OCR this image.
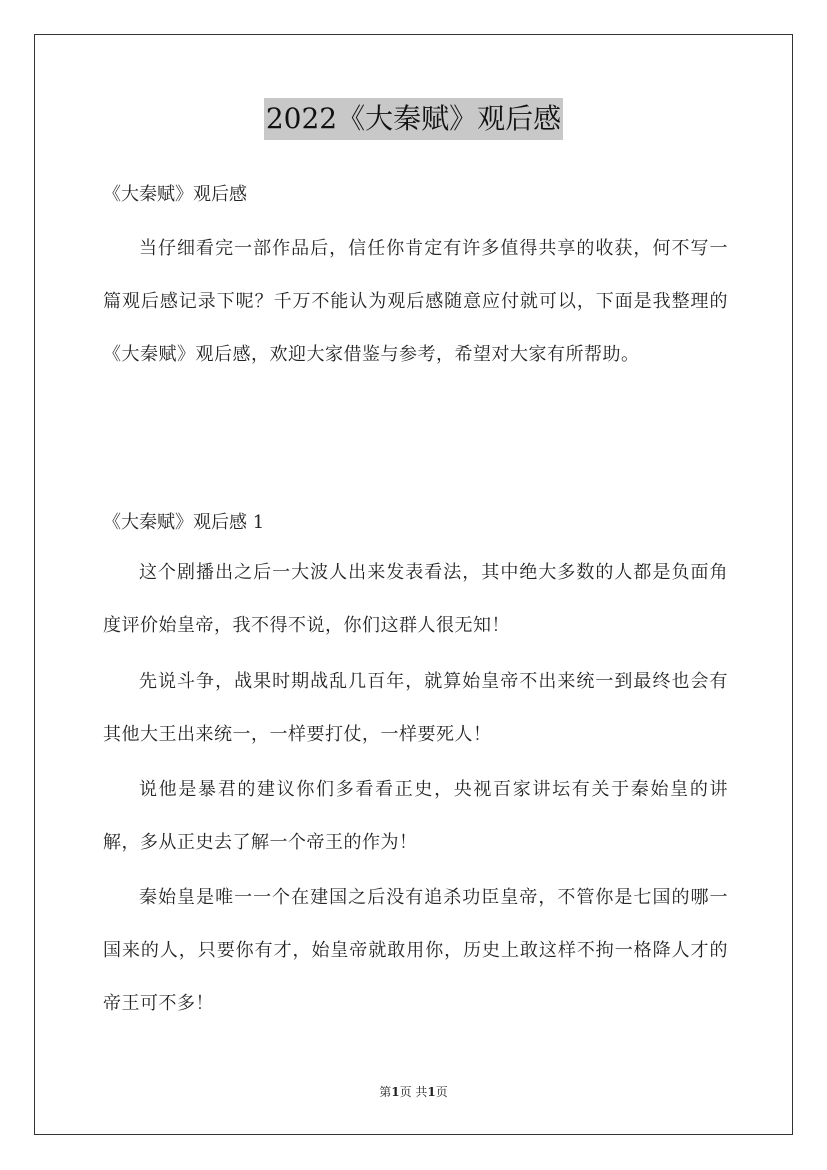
2022《大秦赋》观后感
《大秦赋》观后感
当仔细看完一部作品后，信任你肯定有许多值得共享的收获，何不写一篇观后感记录下呢？千万不能认为观后感随意应付就可以，下面是我整理的《大秦赋》观后感，欢迎大家借鉴与参考，希望对大家有所帮助。
《大秦赋》观后感 1
这个剧播出之后一大波人出来发表看法，其中绝大多数的人都是负面角度评价始皇帝，我不得不说，你们这群人很无知！
先说斗争，战果时期战乱几百年，就算始皇帝不出来统一到最终也会有其他大王出来统一，一样要打仗，一样要死人！
说他是暴君的建议你们多看看正史，央视百家讲坛有关于秦始皇的讲解，多从正史去了解一个帝王的作为！
秦始皇是唯一一个在建国之后没有追杀功臣皇帝，不管你是七国的哪一国来的人，只要你有才，始皇帝就敢用你，历史上敢这样不拘一格降人才的帝王可不多！
第1页 共1页
